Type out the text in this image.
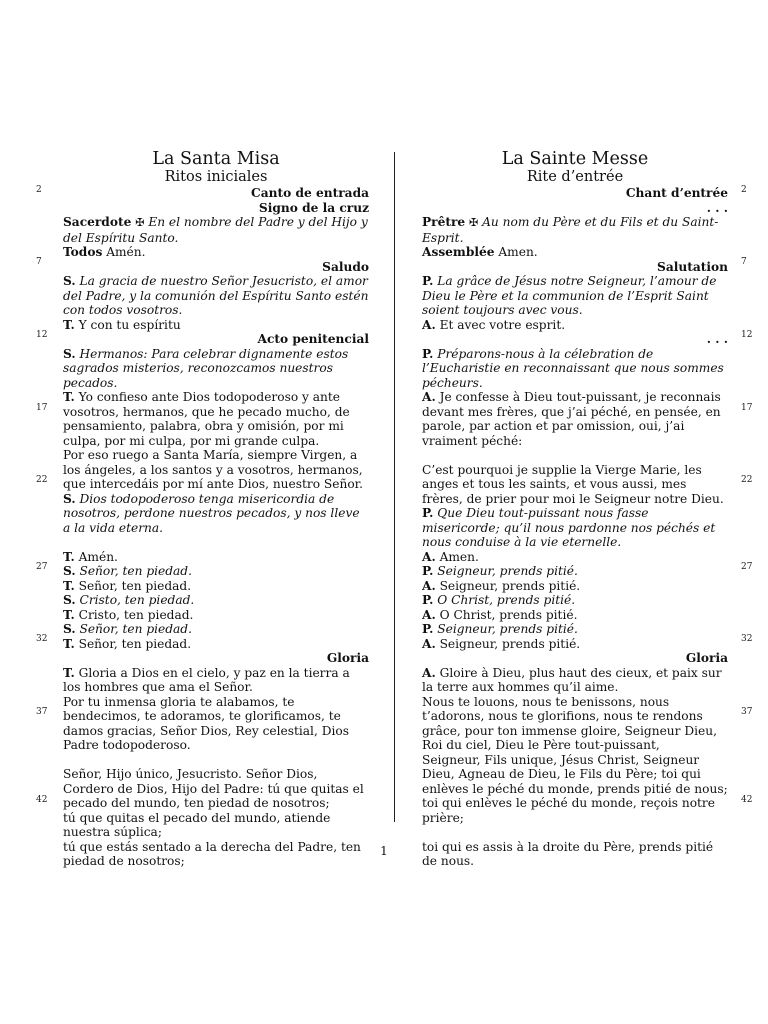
La Santa Misa
Ritos iniciales
Canto de entrada
Signo de la cruz
Sacerdote ✠ En el nombre del Padre y del Hijo y del Espíritu Santo.
Todos Amén.
Saludo
S. La gracia de nuestro Señor Jesucristo, el amor del Padre, y la comunión del Espíritu Santo estén con todos vosotros.
T. Y con tu espíritu
Acto penitencial
S. Hermanos: Para celebrar dignamente estos sagrados misterios, reconozcamos nuestros pecados.
T. Yo confieso ante Dios todopoderoso y ante vosotros, hermanos, que he pecado mucho, de pensamiento, palabra, obra y omisión, por mi culpa, por mi culpa, por mi grande culpa.
Por eso ruego a Santa María, siempre Virgen, a los ángeles, a los santos y a vosotros, hermanos, que intercedáis por mí ante Dios, nuestro Señor.
S. Dios todopoderoso tenga misericordia de nosotros, perdone nuestros pecados, y nos lleve a la vida eterna.
T. Amén.
S. Señor, ten piedad.
T. Señor, ten piedad.
S. Cristo, ten piedad.
T. Cristo, ten piedad.
S. Señor, ten piedad.
T. Señor, ten piedad.
Gloria
T. Gloria a Dios en el cielo, y paz en la tierra a los hombres que ama el Señor.
Por tu inmensa gloria te alabamos, te bendecimos, te adoramos, te glorificamos, te damos gracias, Señor Dios, Rey celestial, Dios Padre todopoderoso.
Señor, Hijo único, Jesucristo. Señor Dios, Cordero de Dios, Hijo del Padre: tú que quitas el pecado del mundo, ten piedad de nosotros;
tú que quitas el pecado del mundo, atiende nuestra súplica;
tú que estás sentado a la derecha del Padre, ten piedad de nosotros;
La Sainte Messe
Rite d’entrée
Chant d’entrée
. . .
Prêtre ✠ Au nom du Père et du Fils et du Saint-Esprit.
Assemblée Amen.
Salutation
P. La grâce de Jésus notre Seigneur, l’amour de Dieu le Père et la communion de l’Esprit Saint soient toujours avec vous.
A. Et avec votre esprit.
. . .
P. Préparons-nous à la célebration de l’Eucharistie en reconnaissant que nous sommes pécheurs.
A. Je confesse à Dieu tout-puissant, je reconnais devant mes frères, que j’ai péché, en pensée, en parole, par action et par omission, oui, j’ai vraiment péché:
C’est pourquoi je supplie la Vierge Marie, les anges et tous les saints, et vous aussi, mes frères, de prier pour moi le Seigneur notre Dieu.
P. Que Dieu tout-puissant nous fasse misericorde; qu’il nous pardonne nos péchés et nous conduise à la vie eternelle.
A. Amen.
P. Seigneur, prends pitié.
A. Seigneur, prends pitié.
P. O Christ, prends pitié.
A. O Christ, prends pitié.
P. Seigneur, prends pitié.
A. Seigneur, prends pitié.
Gloria
A. Gloire à Dieu, plus haut des cieux, et paix sur la terre aux hommes qu’il aime.
Nous te louons, nous te benissons, nous t’adorons, nous te glorifions, nous te rendons grâce, pour ton immense gloire, Seigneur Dieu, Roi du ciel, Dieu le Père tout-puissant,
Seigneur, Fils unique, Jésus Christ, Seigneur Dieu, Agneau de Dieu, le Fils du Père; toi qui enlèves le péché du monde, prends pitié de nous;
toi qui enlèves le péché du monde, reçois notre prière;
toi qui es assis à la droite du Père, prends pitié de nous.
2	2
7	7
12	12
17	17
22	22
27	27
32	32
37	37
42	42
1
